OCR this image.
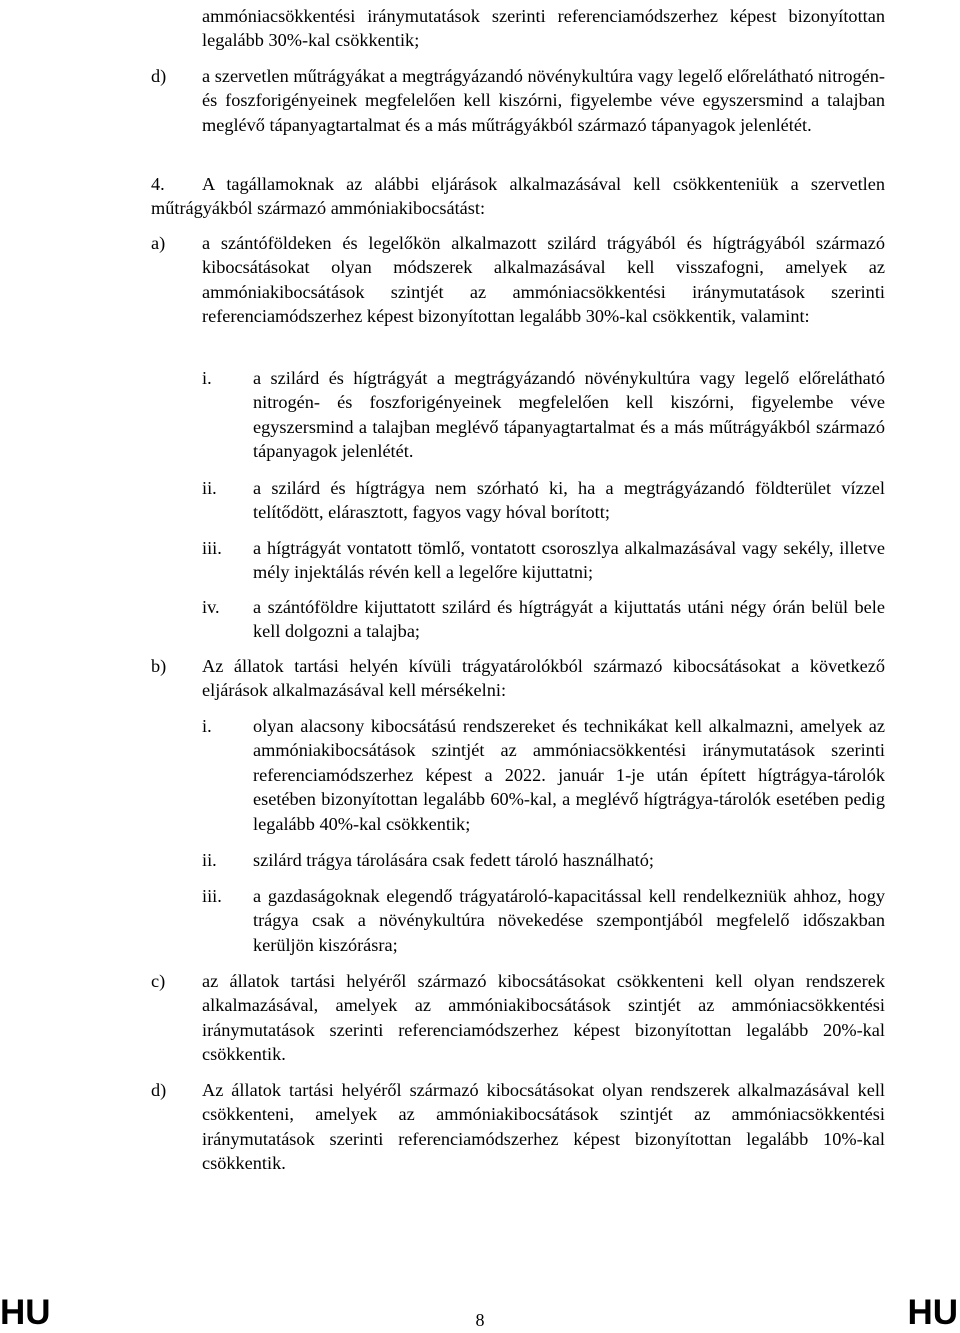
ammóniacsökkentési iránymutatások szerinti referenciamódszerhez képest bizonyítottan legalább 30%-kal csökkentik;
d) a szervetlen műtrágyákat a megtrágyázandó növénykultúra vagy legelő előrelátható nitrogén- és foszforigényeinek megfelelően kell kiszórni, figyelembe véve egyszersmind a talajban meglévő tápanyagtartalmat és a más műtrágyákból származó tápanyagok jelenlétét.
4.	A tagállamoknak az alábbi eljárások alkalmazásával kell csökkenteniük a szervetlen műtrágyákból származó ammóniakibocsátást:
a) a szántóföldeken és legelőkön alkalmazott szilárd trágyából és hígtrágyából származó kibocsátásokat olyan módszerek alkalmazásával kell visszafogni, amelyek az ammóniakibocsátások szintjét az ammóniacsökkentési iránymutatások szerinti referenciamódszerhez képest bizonyítottan legalább 30%-kal csökkentik, valamint:
i. a szilárd és hígtrágyát a megtrágyázandó növénykultúra vagy legelő előrelátható nitrogén- és foszforigényeinek megfelelően kell kiszórni, figyelembe véve egyszersmind a talajban meglévő tápanyagtartalmat és a más műtrágyákból származó tápanyagok jelenlétét.
ii. a szilárd és hígtrágya nem szórható ki, ha a megtrágyázandó földterület vízzel telítődött, elárasztott, fagyos vagy hóval borított;
iii. a hígtrágyát vontatott tömlő, vontatott csoroszlya alkalmazásával vagy sekély, illetve mély injektálás révén kell a legelőre kijuttatni;
iv. a szántóföldre kijuttatott szilárd és hígtrágyát a kijuttatás utáni négy órán belül bele kell dolgozni a talajba;
b) Az állatok tartási helyén kívüli trágyatárolókból származó kibocsátásokat a következő eljárások alkalmazásával kell mérsékelni:
i. olyan alacsony kibocsátású rendszereket és technikákat kell alkalmazni, amelyek az ammóniakibocsátások szintjét az ammóniacsökkentési iránymutatások szerinti referenciamódszerhez képest a 2022. január 1-je után épített hígtrágya-tárolók esetében bizonyítottan legalább 60%-kal, a meglévő hígtrágya-tárolók esetében pedig legalább 40%-kal csökkentik;
ii. szilárd trágya tárolására csak fedett tároló használható;
iii. a gazdaságoknak elegendő trágyatároló-kapacitással kell rendelkezniük ahhoz, hogy trágya csak a növénykultúra növekedése szempontjából megfelelő időszakban kerüljön kiszórásra;
c) az állatok tartási helyéről származó kibocsátásokat csökkenteni kell olyan rendszerek alkalmazásával, amelyek az ammóniakibocsátások szintjét az ammóniacsökkentési iránymutatások szerinti referenciamódszerhez képest bizonyítottan legalább 20%-kal csökkentik.
d) Az állatok tartási helyéről származó kibocsátásokat olyan rendszerek alkalmazásával kell csökkenteni, amelyek az ammóniakibocsátások szintjét az ammóniacsökkentési iránymutatások szerinti referenciamódszerhez képest bizonyítottan legalább 10%-kal csökkentik.
HU	8	HU
